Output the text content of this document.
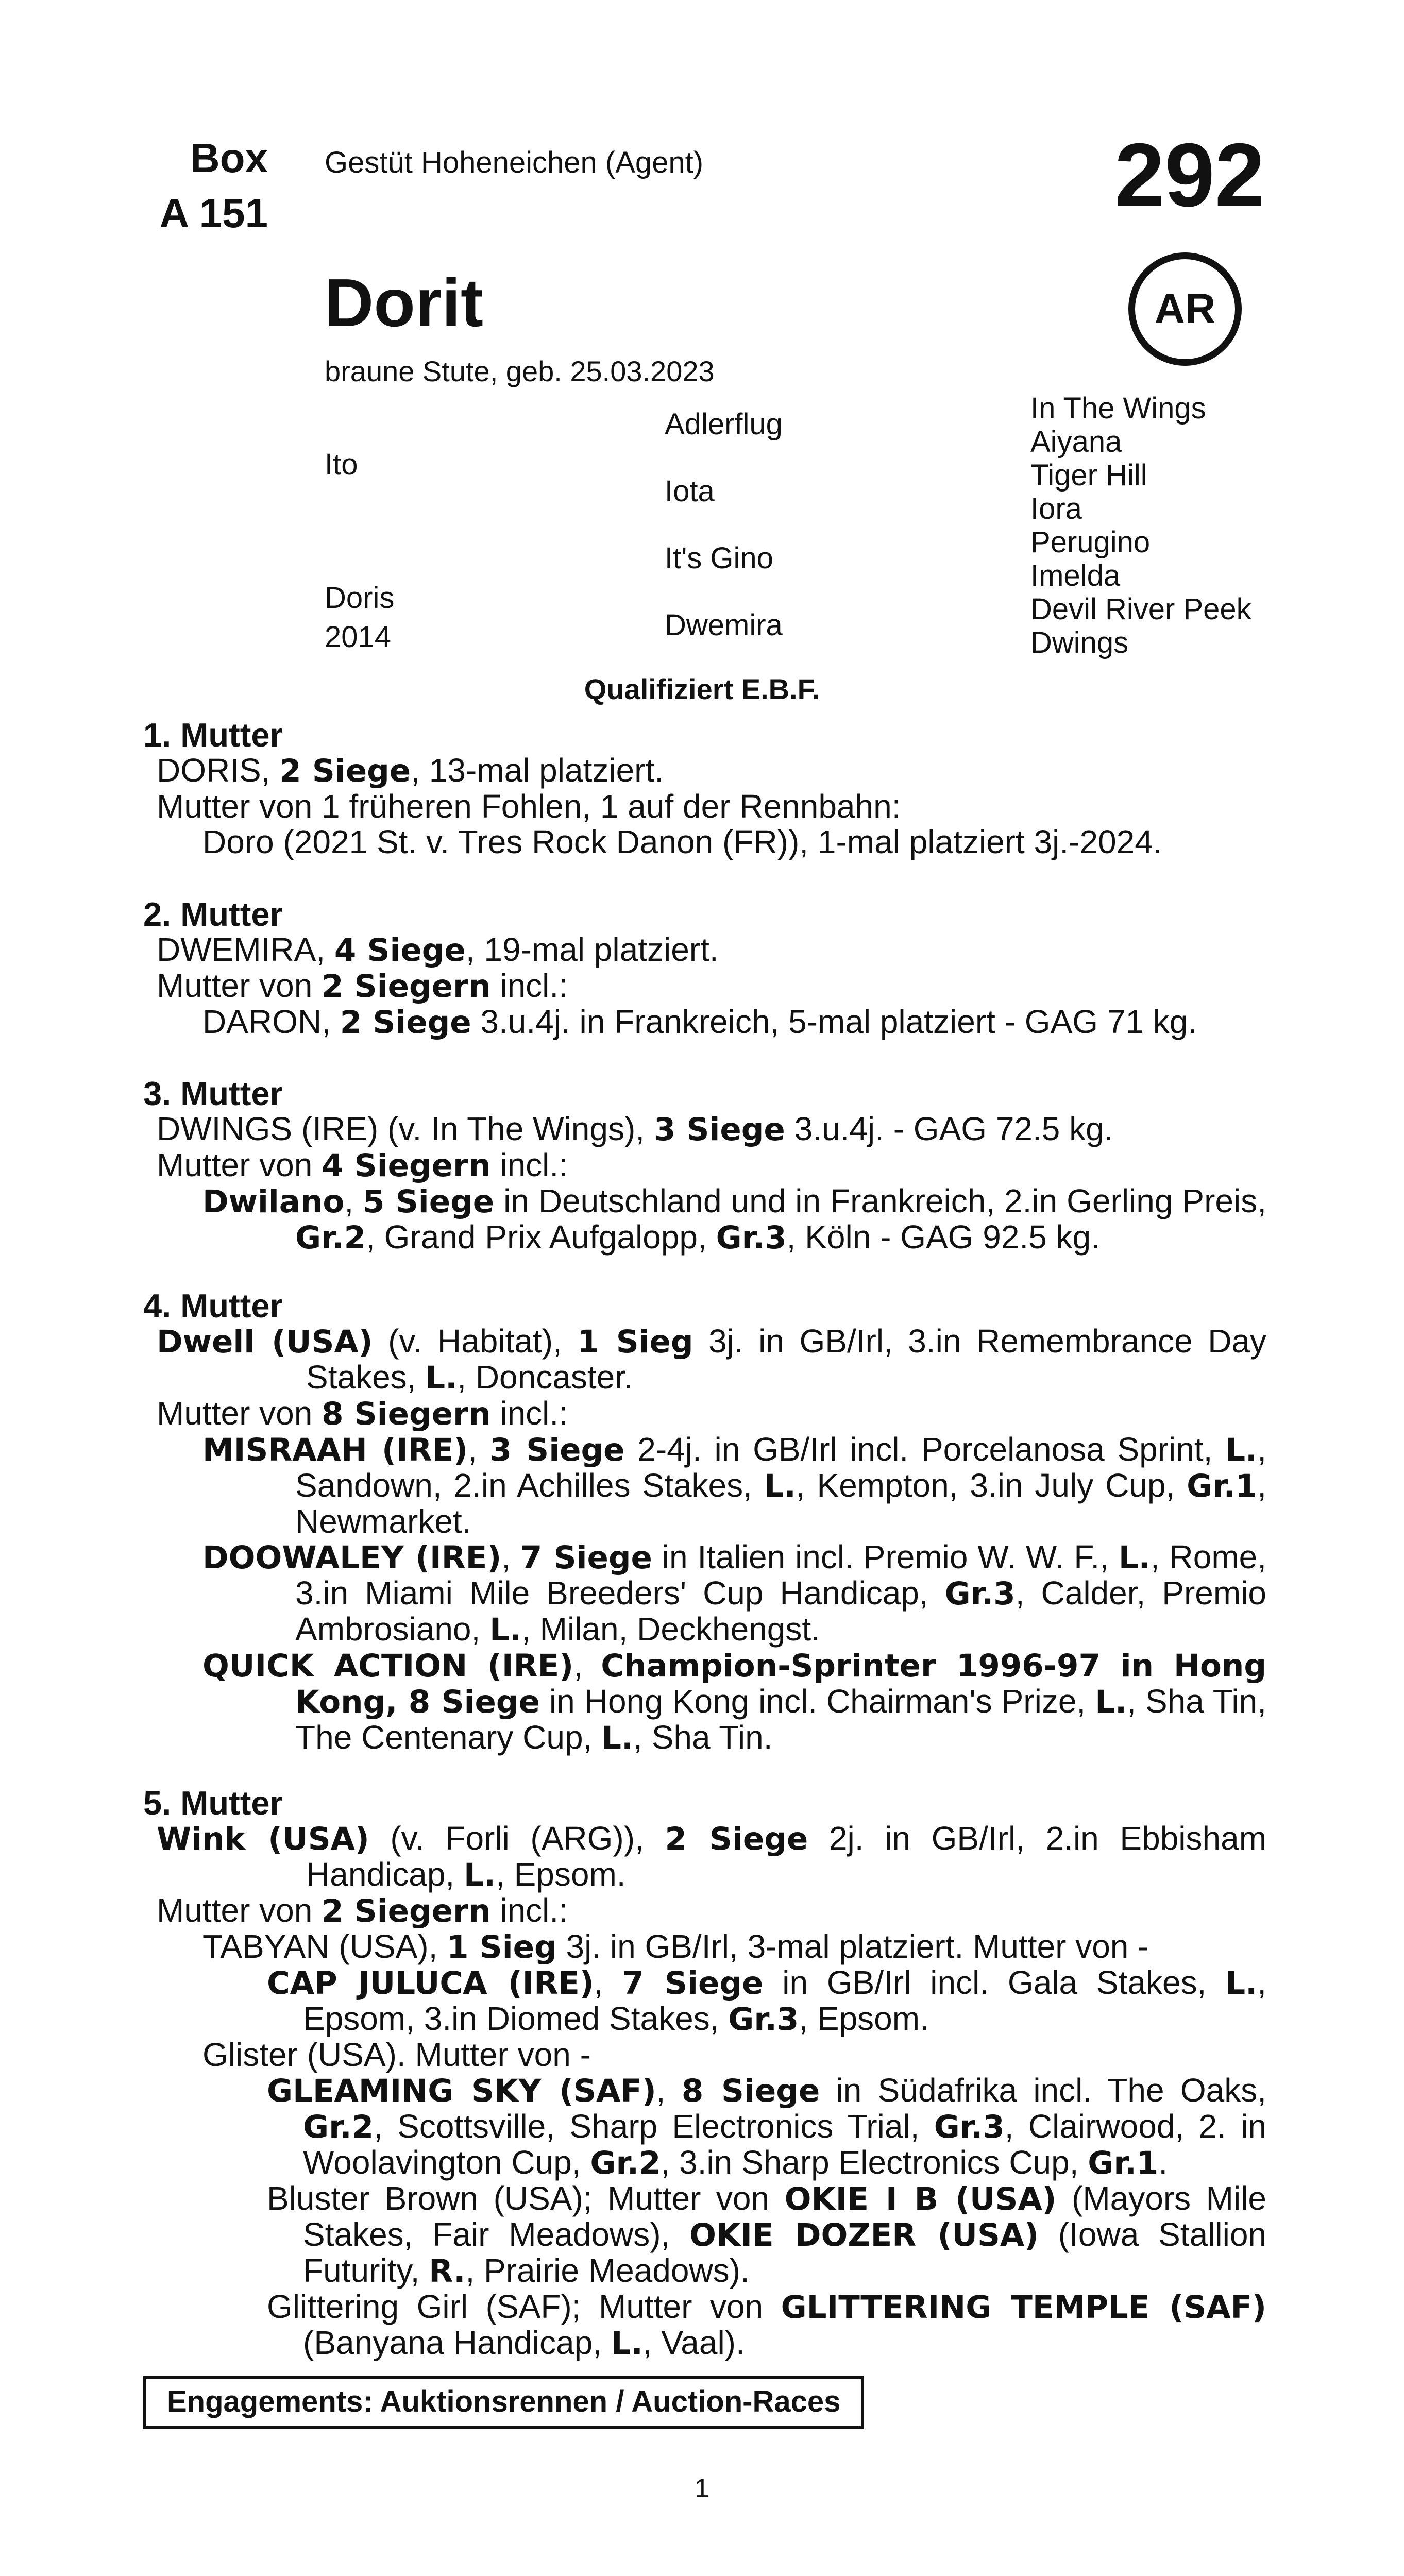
Box
A 151
Gestüt Hoheneichen (Agent)	292
AR
Dorit
braune Stute, geb. 25.03.2023
Ito
Doris
2014
Adlerflug
Iota
It's Gino
Dwemira
In The Wings
Aiyana
Tiger Hill
Iora
Perugino
Imelda
Devil River Peek
Dwings
Qualifiziert E.B.F.
1. Mutter
DORIS, 2 Siege, 13-mal platziert.
Mutter von 1 früheren Fohlen, 1 auf der Rennbahn:
Doro (2021 St. v. Tres Rock Danon (FR)), 1-mal platziert 3j.-2024.
2. Mutter
DWEMIRA, 4 Siege, 19-mal platziert.
Mutter von 2 Siegern incl.:
DARON, 2 Siege 3.u.4j. in Frankreich, 5-mal platziert - GAG 71 kg.
3. Mutter
DWINGS (IRE) (v. In The Wings), 3 Siege 3.u.4j. - GAG 72.5 kg.
Mutter von 4 Siegern incl.:
Dwilano, 5 Siege in Deutschland und in Frankreich, 2.in Gerling Preis, Gr.2, Grand Prix Aufgalopp, Gr.3, Köln - GAG 92.5 kg.
4. Mutter
Dwell (USA) (v. Habitat), 1 Sieg 3j. in GB/Irl, 3.in Remembrance Day Stakes, L., Doncaster.
Mutter von 8 Siegern incl.:
MISRAAH (IRE), 3 Siege 2-4j. in GB/Irl incl. Porcelanosa Sprint, L., Sandown, 2.in Achilles Stakes, L., Kempton, 3.in July Cup, Gr.1, Newmarket.
DOOWALEY (IRE), 7 Siege in Italien incl. Premio W. W. F., L., Rome, 3.in Miami Mile Breeders' Cup Handicap, Gr.3, Calder, Premio Ambrosiano, L., Milan, Deckhengst.
QUICK ACTION (IRE), Champion-Sprinter 1996-97 in Hong Kong, 8 Siege in Hong Kong incl. Chairman's Prize, L., Sha Tin, The Centenary Cup, L., Sha Tin.
5. Mutter
Wink (USA) (v. Forli (ARG)), 2 Siege 2j. in GB/Irl, 2.in Ebbisham Handicap, L., Epsom.
Mutter von 2 Siegern incl.:
TABYAN (USA), 1 Sieg 3j. in GB/Irl, 3-mal platziert. Mutter von -
CAP JULUCA (IRE), 7 Siege in GB/Irl incl. Gala Stakes, L., Epsom, 3.in Diomed Stakes, Gr.3, Epsom.
Glister (USA). Mutter von -
GLEAMING SKY (SAF), 8 Siege in Südafrika incl. The Oaks, Gr.2, Scottsville, Sharp Electronics Trial, Gr.3, Clairwood, 2. in Woolavington Cup, Gr.2, 3.in Sharp Electronics Cup, Gr.1.
Bluster Brown (USA); Mutter von OKIE I B (USA) (Mayors Mile Stakes, Fair Meadows), OKIE DOZER (USA) (Iowa Stallion Futurity, R., Prairie Meadows).
Glittering Girl (SAF); Mutter von GLITTERING TEMPLE (SAF) (Banyana Handicap, L., Vaal).
Engagements: Auktionsrennen / Auction-Races
1
